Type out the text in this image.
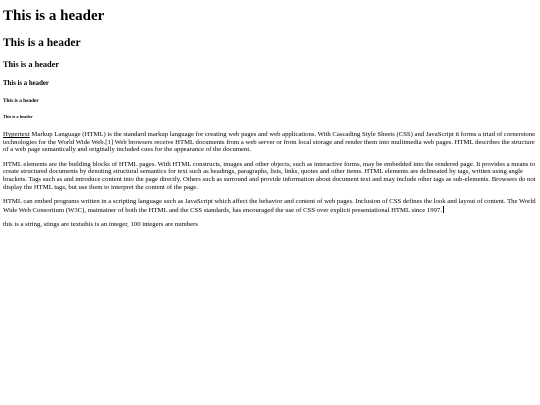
This is a header
This is a header
This is a header
This is a header
This is a header
This is a header

Hypertext Markup Language (HTML) is the standard markup language for creating web pages and web applications. With Cascading Style Sheets (CSS) and JavaScript it forms a triad of cornerstone technologies for the World Wide Web.[1] Web browsers receive HTML documents from a web server or from local storage and render them into multimedia web pages. HTML describes the structure of a web page semantically and originally included cues for the appearance of the document.

HTML elements are the building blocks of HTML pages. With HTML constructs, images and other objects, such as interactive forms, may be embedded into the rendered page. It provides a means to create structured documents by denoting structural semantics for text such as headings, paragraphs, lists, links, quotes and other items. HTML elements are delineated by tags, written using angle brackets. Tags such as and introduce content into the page directly. Others such as surround and provide information about document text and may include other tags as sub-elements. Browsers do not display the HTML tags, but use them to interpret the content of the page.

HTML can embed programs written in a scripting language such as JavaScript which affect the behavior and content of web pages. Inclusion of CSS defines the look and layout of content. The World Wide Web Consortium (W3C), maintainer of both the HTML and the CSS standards, has encouraged the use of CSS over explicit presentational HTML since 1997.

this is a string, stings are textsthis is an integer, 100 integers are numbers
